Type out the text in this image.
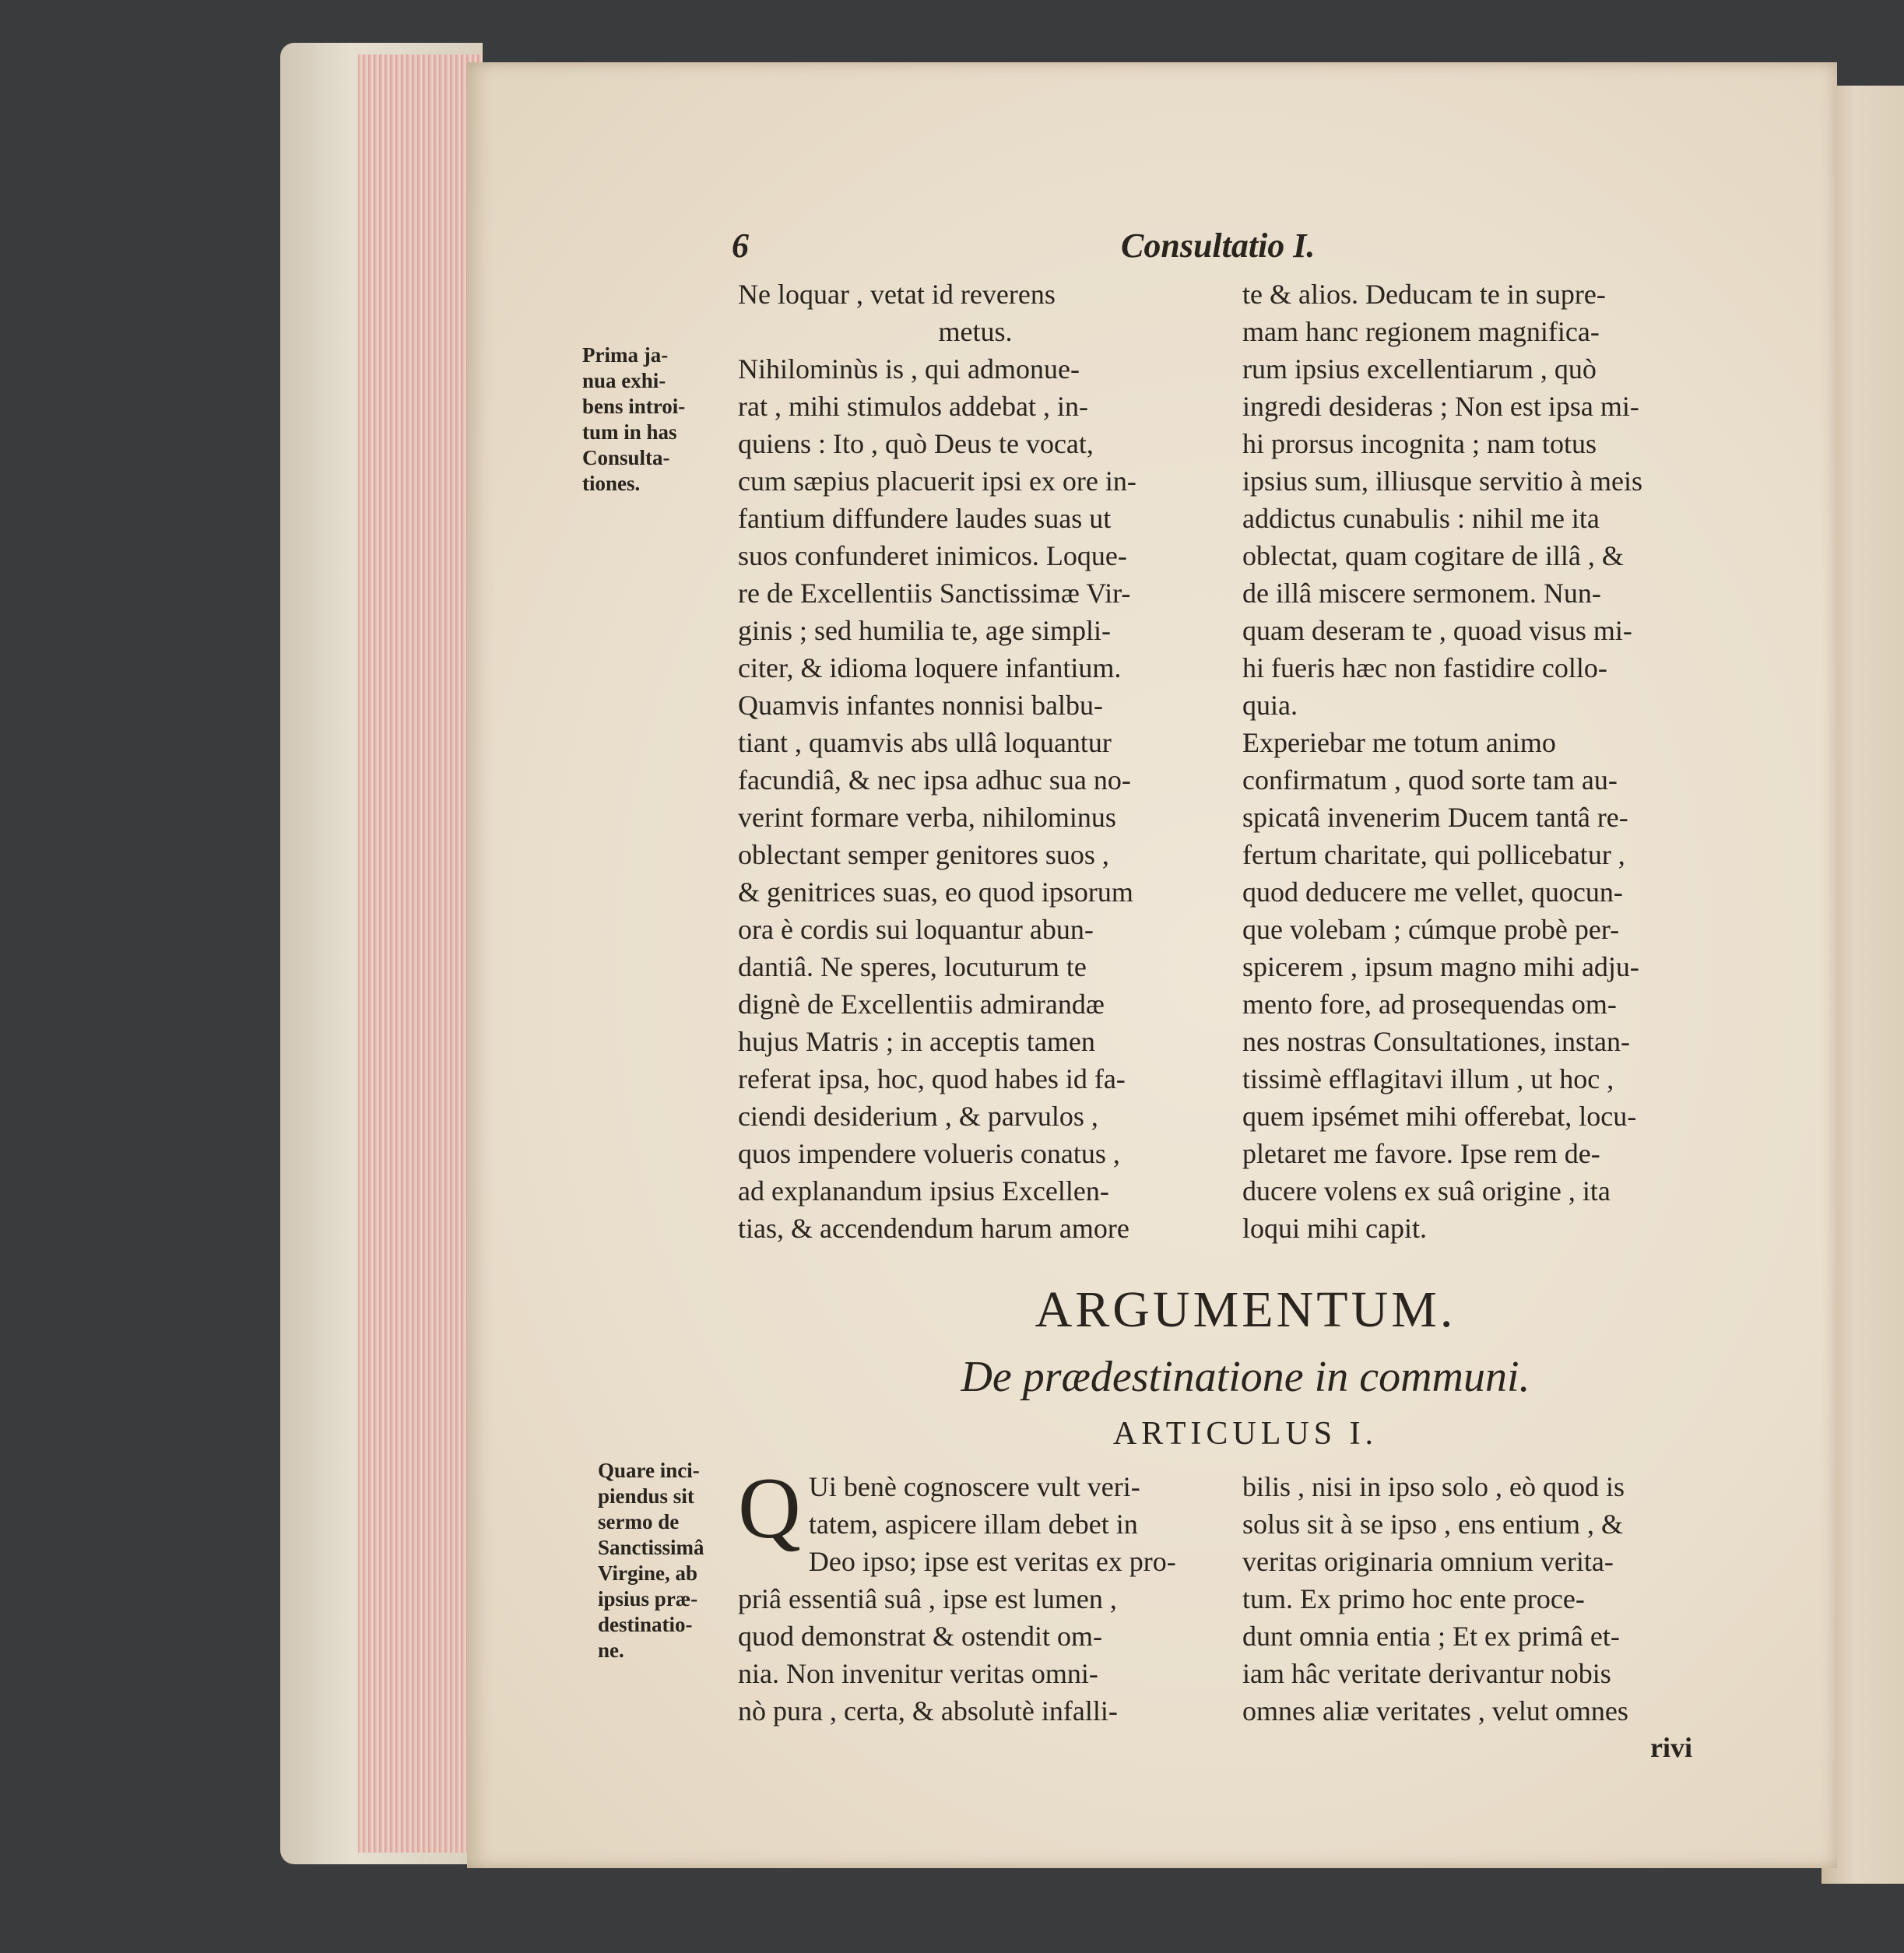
6	Consultatio I.
Prima ja-
nua exhi-
bens introi-
tum in has
Consulta-
tiones.
Ne loquar , vetat id reverens
metus.
Nihilominùs is , qui admonue-
rat , mihi stimulos addebat , in-
quiens : Ito , quò Deus te vocat,
cum sæpius placuerit ipsi ex ore in-
fantium diffundere laudes suas ut
suos confunderet inimicos. Loque-
re de Excellentiis Sanctissimæ Vir-
ginis ; sed humilia te, age simpli-
citer, & idioma loquere infantium.
Quamvis infantes nonnisi balbu-
tiant , quamvis abs ullâ loquantur
facundiâ, & nec ipsa adhuc sua no-
verint formare verba, nihilominus
oblectant semper genitores suos ,
& genitrices suas, eo quod ipsorum
ora è cordis sui loquantur abun-
dantiâ. Ne speres, locuturum te
dignè de Excellentiis admirandæ
hujus Matris ; in acceptis tamen
referat ipsa, hoc, quod habes id fa-
ciendi desiderium , & parvulos ,
quos impendere volueris conatus ,
ad explanandum ipsius Excellen-
tias, & accendendum harum amore
te & alios. Deducam te in supre-
mam hanc regionem magnifica-
rum ipsius excellentiarum , quò
ingredi desideras ; Non est ipsa mi-
hi prorsus incognita ; nam totus
ipsius sum, illiusque servitio à meis
addictus cunabulis : nihil me ita
oblectat, quam cogitare de illâ , &
de illâ miscere sermonem. Nun-
quam deseram te , quoad visus mi-
hi fueris hæc non fastidire collo-
quia.
Experiebar me totum animo
confirmatum , quod sorte tam au-
spicatâ invenerim Ducem tantâ re-
fertum charitate, qui pollicebatur ,
quod deducere me vellet, quocun-
que volebam ; cúmque probè per-
spicerem , ipsum magno mihi adju-
mento fore, ad prosequendas om-
nes nostras Consultationes, instan-
tissimè efflagitavi illum , ut hoc ,
quem ipsémet mihi offerebat, locu-
pletaret me favore. Ipse rem de-
ducere volens ex suâ origine , ita
loqui mihi capit.
ARGUMENTUM.
De prædestinatione in communi.
ARTICULUS I.
Quare inci-
piendus sit
sermo de
Sanctissimâ
Virgine, ab
ipsius præ-
destinatio-
ne.
Q Ui benè cognoscere vult veri-
tatem, aspicere illam debet in
Deo ipso; ipse est veritas ex pro-
priâ essentiâ suâ , ipse est lumen ,
quod demonstrat & ostendit om-
nia. Non invenitur veritas omni-
nò pura , certa, & absolutè infalli-
bilis , nisi in ipso solo , eò quod is
solus sit à se ipso , ens entium , &
veritas originaria omnium verita-
tum. Ex primo hoc ente proce-
dunt omnia entia ; Et ex primâ et-
iam hâc veritate derivantur nobis
omnes aliæ veritates , velut omnes
rivi
